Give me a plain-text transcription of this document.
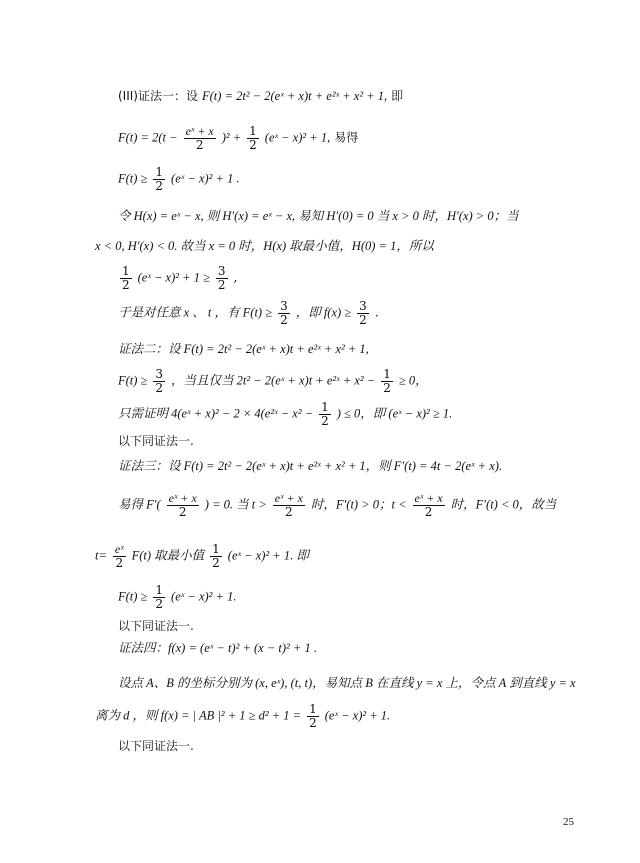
(III)证法一：设 F(t) = 2t² − 2(eˣ + x)t + e²ˣ + x² + 1, 即
$F(t) = 2(t - \frac{\text{eˣ + x}}{2} )^2 + \frac{1}{2}$ (eˣ − x)² + 1, 易得
$F(t) \ge \frac{1}{2}$ (eˣ − x)² + 1 .
令 H(x) = eˣ − x, 则 H′(x) = eˣ − x, 易知 H′(0) = 0 当 x > 0 时，H′(x) > 0；当
x < 0, H′(x) < 0. 故当 x = 0 时，H(x) 取最小值，H(0) = 1，所以
$\frac{1}{2}$ (eˣ − $x)^2 + 1 \ge \frac{3}{2}$ ,
于是对任意 x 、 t ，有 $F(t) \ge \frac{3}{2}$ ，即 $f(x) \ge \frac{3}{2}$ .
证法二：设 F(t) = 2t² − 2(eˣ + x)t + e²ˣ + x² + 1,
$F(t) \ge \frac{3}{2}$ ，当且仅当 2t² − 2(eˣ + x)t + e²ˣ + $x^2 - \frac{1}{2} \ge 0$，
只需证明 4(eˣ + x)² − 2 × 4(e²ˣ − $x^2 - \frac{1}{2}$ ) ≤ 0，即 (eˣ − x)² ≥ 1.
以下同证法一.
证法三：设 F(t) = 2t² − 2(eˣ + x)t + e²ˣ + x² + 1，则 F′(t) = 4t − 2(eˣ + x).
易得 $F'( \frac{\text{eˣ + x}}{2}$ ) = 0. 当 $t > \frac{\text{eˣ + x}}{2}$ 时，F′(t) > 0；$t < \frac{\text{eˣ + x}}{2}$ 时，F′(t) < 0，故当
$t= \frac{\text{eˣ}}{2} F(t)$ 取最小值 $\frac{1}{2}$ (eˣ − x)² + 1. 即
$F(t) \ge \frac{1}{2}$ (eˣ − x)² + 1.
以下同证法一.
证法四：f(x) = (eˣ − t)² + (x − t)² + 1 .
设点 A、B 的坐标分别为 (x, eˣ), (t, t)，易知点 B 在直线 y = x 上，令点 A 到直线 y = x
离为 d ，则 f(x) = | AB $|^2 + 1 \ge d^2 + 1 = \frac{1}{2}$ (eˣ − x)² + 1.
以下同证法一.
25
